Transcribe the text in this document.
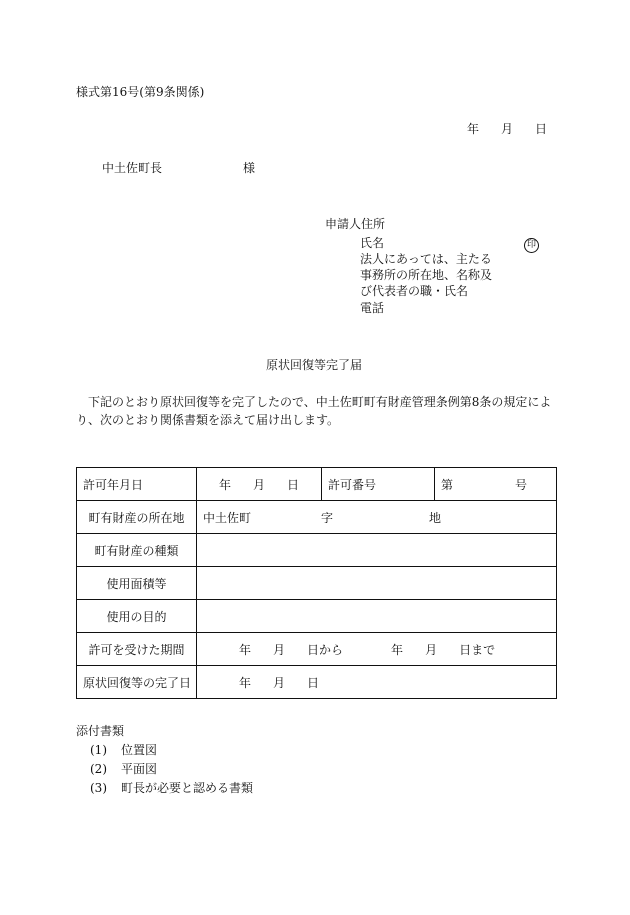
様式第16号(第9条関係)
年 月 日
中土佐町長	様
申請人住所
氏名	印
法人にあっては、主たる
事務所の所在地、名称及
び代表者の職・氏名
電話
原状回復等完了届
下記のとおり原状回復等を完了したので、中土佐町町有財産管理条例第8条の規定によ
り、次のとおり関係書類を添えて届け出します。
許可年月日	年 月 日	許可番号	第 号
町有財産の所在地	中土佐町 字 地		
町有財産の種類			
使用面積等			
使用の目的			
許可を受けた期間	年 月 日から 年 月 日まで		
原状回復等の完了日	年 月 日		
添付書類
(1) 位置図
(2) 平面図
(3) 町長が必要と認める書類
